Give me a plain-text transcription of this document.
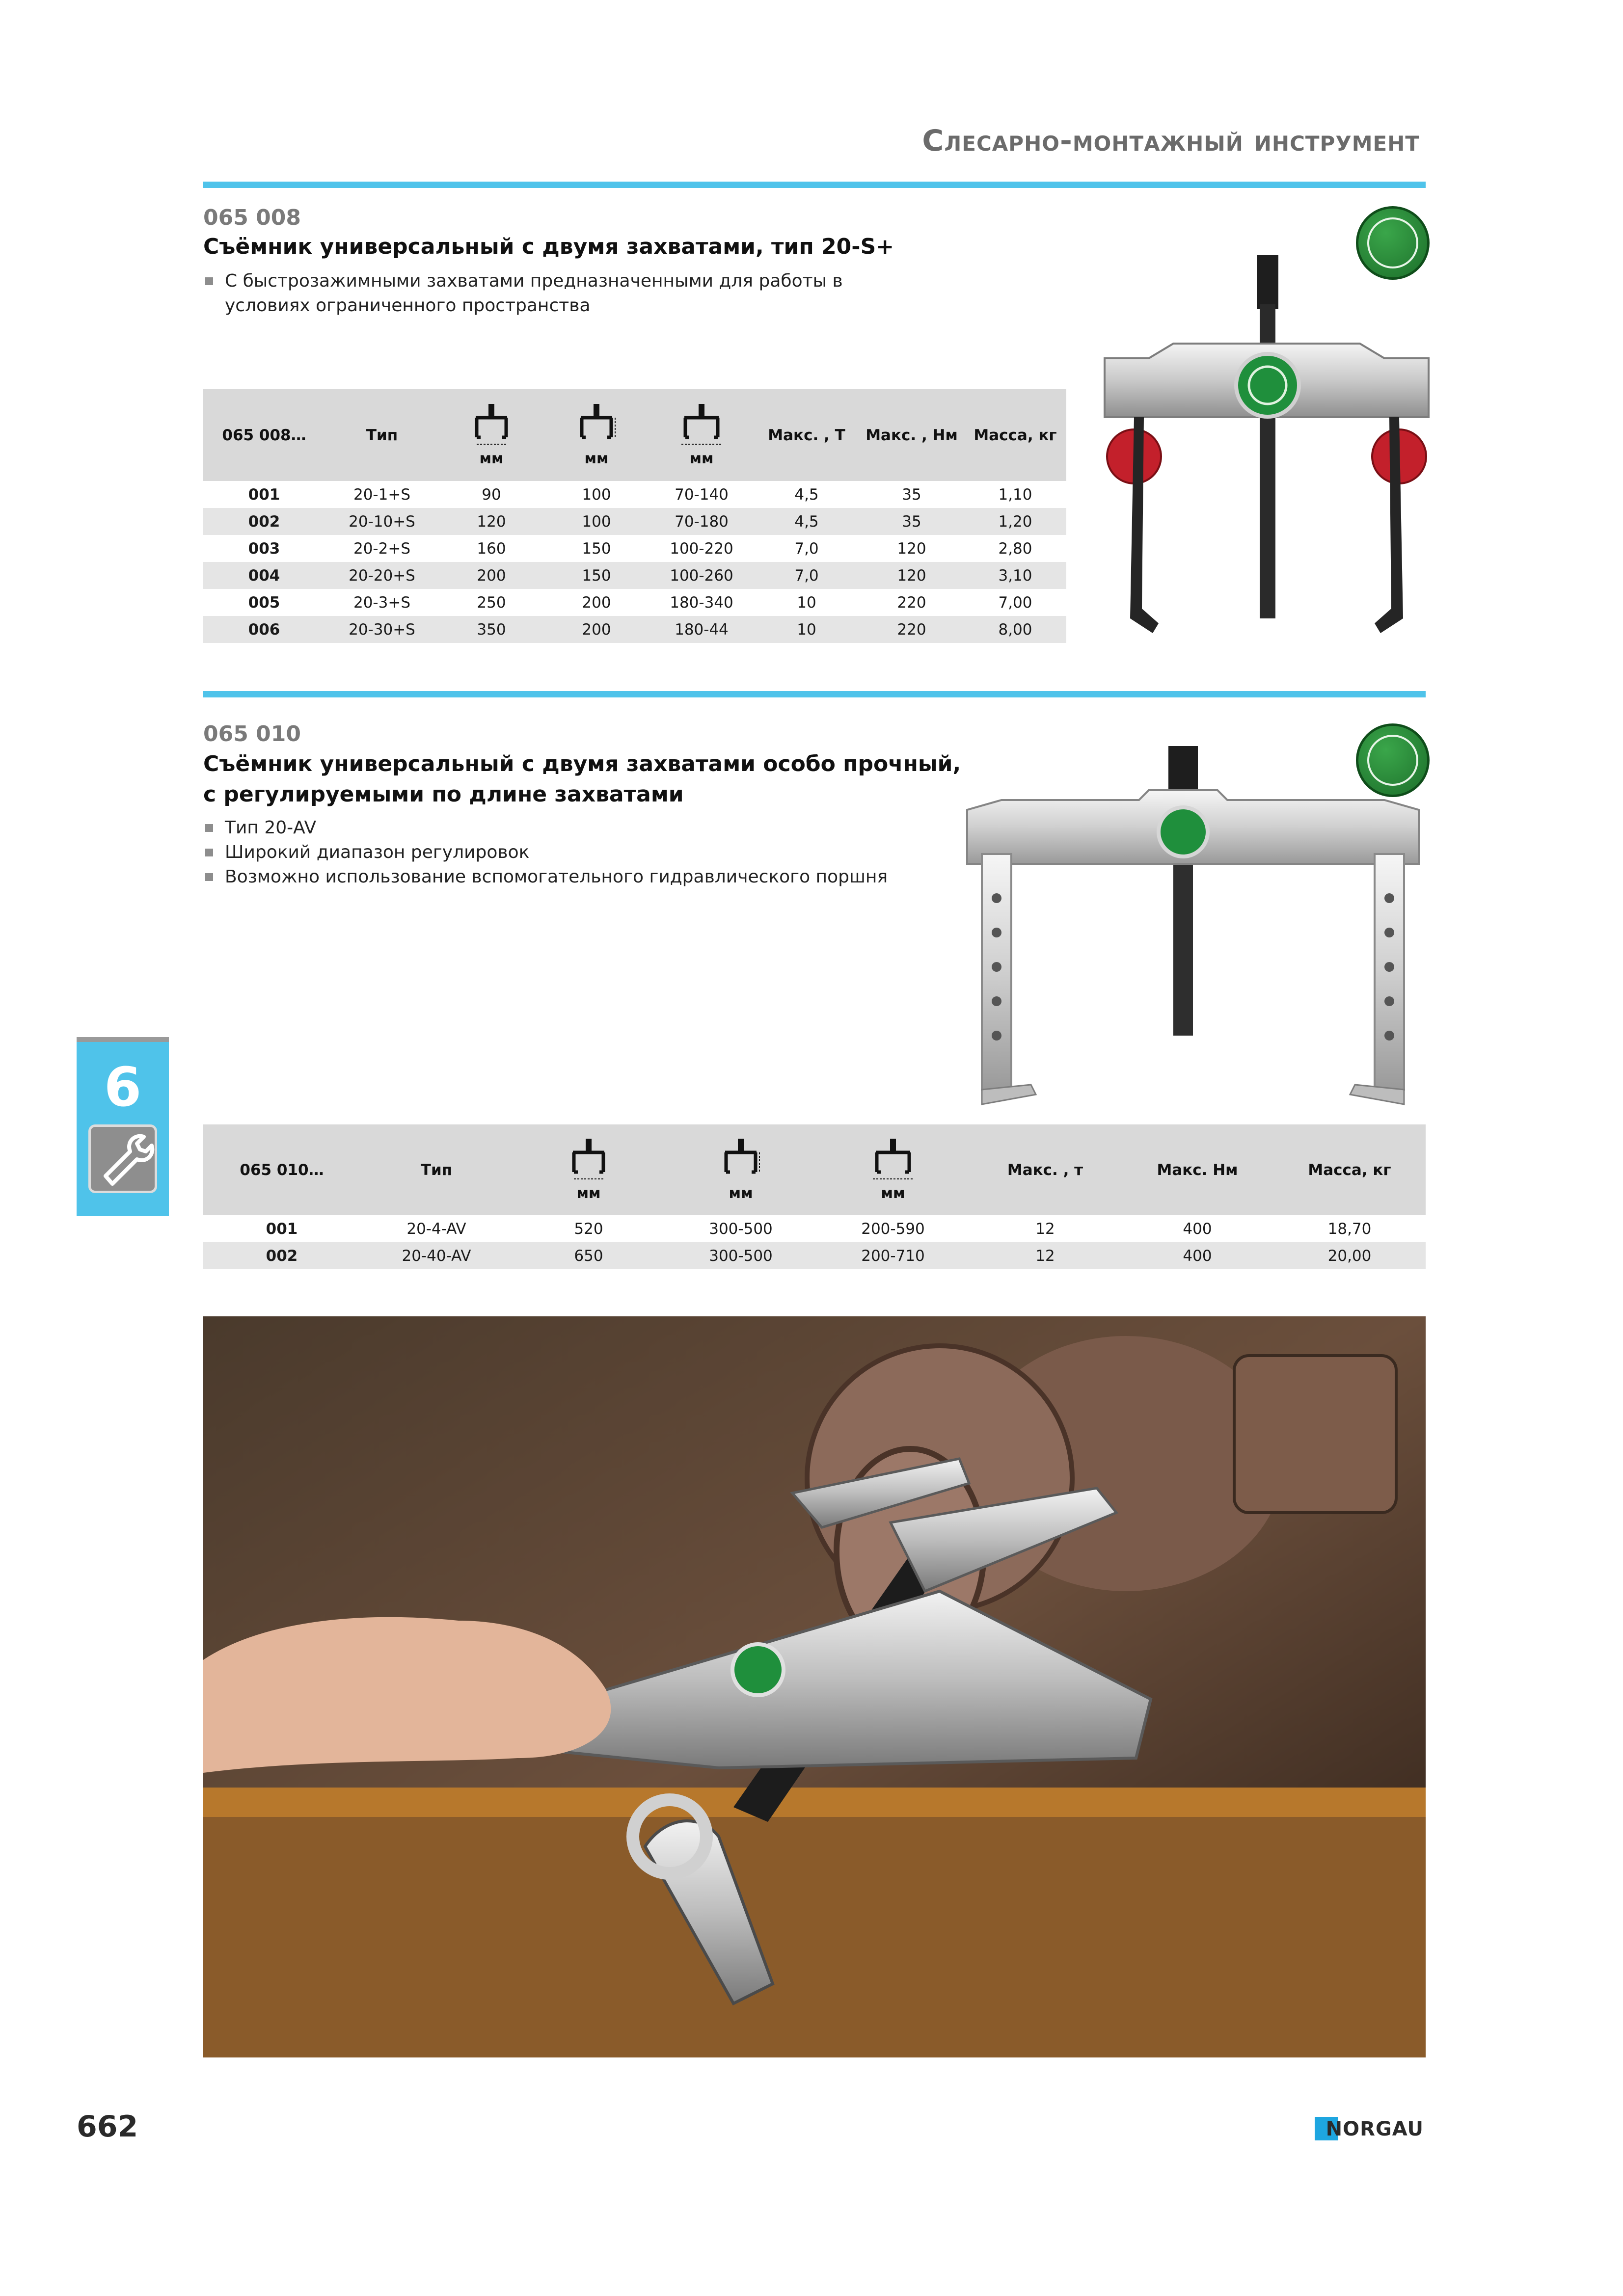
Слесарно-монтажный инструмент
065 008
Съёмник универсальный с двумя захватами, тип 20-S+
С быстрозажимными захватами предназначенными для работы в условиях ограниченного пространства
065 008…	Тип	мм	мм	мм	Макс. , Т	Макс. , Нм	Масса, кг
001	20-1+S	90	100	70-140	4,5	35	1,10
002	20-10+S	120	100	70-180	4,5	35	1,20
003	20-2+S	160	150	100-220	7,0	120	2,80
004	20-20+S	200	150	100-260	7,0	120	3,10
005	20-3+S	250	200	180-340	10	220	7,00
006	20-30+S	350	200	180-44	10	220	8,00
065 010
Съёмник универсальный с двумя захватами особо прочный,
с регулируемыми по длине захватами
Тип 20-AV
Широкий диапазон регулировок
Возможно использование вспомогательного гидравлического поршня
6
065 010…	Тип	мм	мм	мм	Макс. , т	Макс. Нм	Масса, кг
001	20-4-AV	520	300-500	200-590	12	400	18,70
002	20-40-AV	650	300-500	200-710	12	400	20,00
662	NORGAU
